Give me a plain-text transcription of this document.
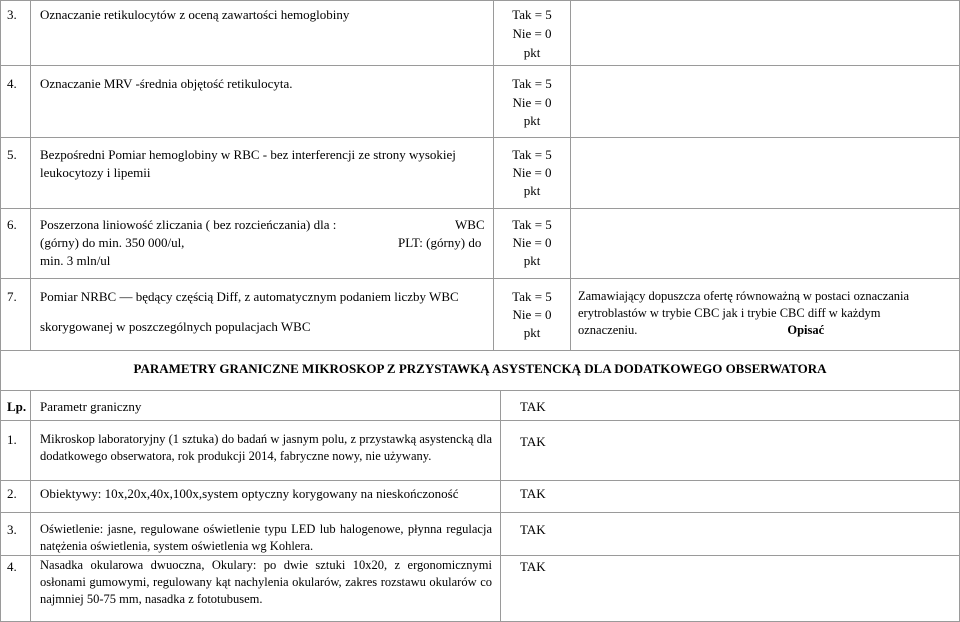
3. Oznaczanie retikulocytów z oceną zawartości hemoglobiny	Tak = 5
Nie = 0
pkt
4. Oznaczanie MRV -średnia objętość retikulocyta.	Tak = 5
Nie = 0
pkt
5. Bezpośredni Pomiar hemoglobiny w RBC - bez interferencji ze strony wysokiej
leukocytozy i lipemii
Tak = 5
Nie = 0
pkt
6. Poszerzona liniowość zliczania ( bez rozcieńczania) dla :	WBC
(górny) do min. 350 000/ul,	PLT: (górny) do
min. 3 mln/ul
Tak = 5
Nie = 0
pkt
7. Pomiar NRBC — będący częścią Diff, z automatycznym podaniem liczby WBC
skorygowanej w poszczególnych populacjach WBC
Tak = 5
Nie = 0
pkt
Zamawiający dopuszcza ofertę równoważną w postaci oznaczania erytroblastów w trybie CBC jak i trybie CBC diff w każdym oznaczeniu.	Opisać
PARAMETRY GRANICZNE MIKROSKOP Z PRZYSTAWKĄ ASYSTENCKĄ DLA DODATKOWEGO OBSERWATORA
Lp. Parametr graniczny	TAK
1. Mikroskop laboratoryjny (1 sztuka) do badań w jasnym polu, z przystawką asystencką dla dodatkowego obserwatora, rok produkcji 2014, fabryczne nowy, nie używany.
TAK
2. Obiektywy: 10x,20x,40x,100x,system optyczny korygowany na nieskończoność	TAK
3. Oświetlenie: jasne, regulowane oświetlenie typu LED lub halogenowe, płynna regulacja natężenia oświetlenia, system oświetlenia wg Kohlera.
TAK
4. Nasadka okularowa dwuoczna, Okulary: po dwie sztuki 10x20, z ergonomicznymi osłonami gumowymi, regulowany kąt nachylenia okularów, zakres rozstawu okularów co najmniej 50-75 mm, nasadka z fototubusem.
TAK
